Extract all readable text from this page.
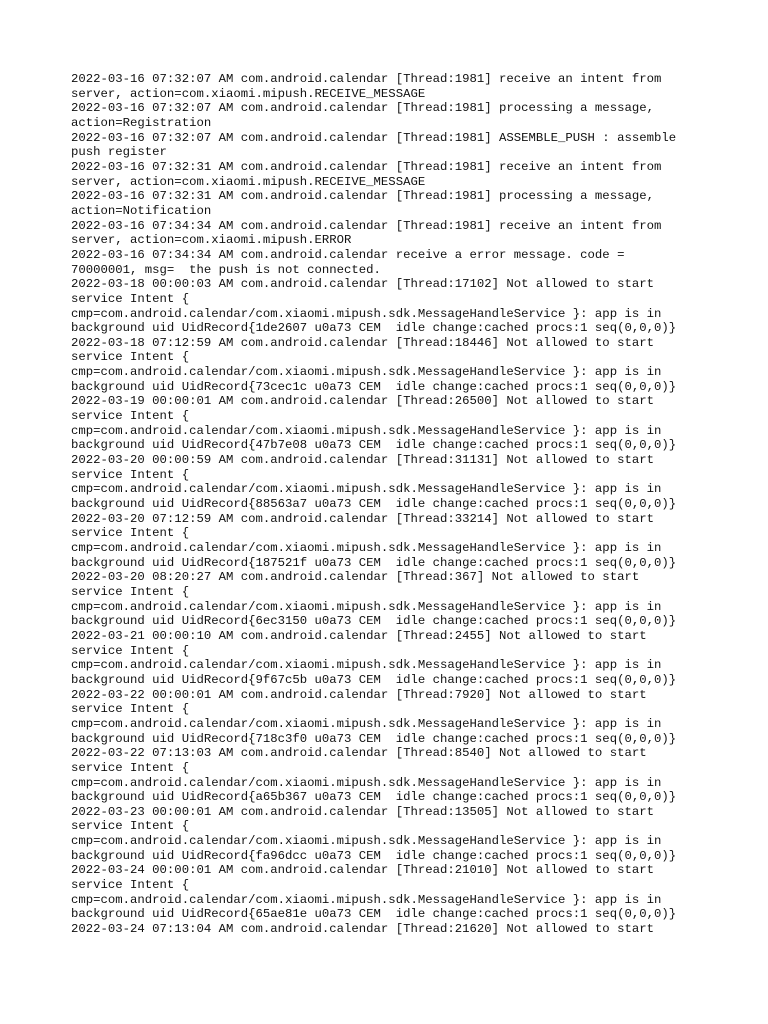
2022-03-16 07:32:07 AM com.android.calendar [Thread:1981] receive an intent from
server, action=com.xiaomi.mipush.RECEIVE_MESSAGE
2022-03-16 07:32:07 AM com.android.calendar [Thread:1981] processing a message,
action=Registration
2022-03-16 07:32:07 AM com.android.calendar [Thread:1981] ASSEMBLE_PUSH : assemble
push register
2022-03-16 07:32:31 AM com.android.calendar [Thread:1981] receive an intent from
server, action=com.xiaomi.mipush.RECEIVE_MESSAGE
2022-03-16 07:32:31 AM com.android.calendar [Thread:1981] processing a message,
action=Notification
2022-03-16 07:34:34 AM com.android.calendar [Thread:1981] receive an intent from
server, action=com.xiaomi.mipush.ERROR
2022-03-16 07:34:34 AM com.android.calendar receive a error message. code =
70000001, msg=  the push is not connected.
2022-03-18 00:00:03 AM com.android.calendar [Thread:17102] Not allowed to start
service Intent {
cmp=com.android.calendar/com.xiaomi.mipush.sdk.MessageHandleService }: app is in
background uid UidRecord{1de2607 u0a73 CEM  idle change:cached procs:1 seq(0,0,0)}
2022-03-18 07:12:59 AM com.android.calendar [Thread:18446] Not allowed to start
service Intent {
cmp=com.android.calendar/com.xiaomi.mipush.sdk.MessageHandleService }: app is in
background uid UidRecord{73cec1c u0a73 CEM  idle change:cached procs:1 seq(0,0,0)}
2022-03-19 00:00:01 AM com.android.calendar [Thread:26500] Not allowed to start
service Intent {
cmp=com.android.calendar/com.xiaomi.mipush.sdk.MessageHandleService }: app is in
background uid UidRecord{47b7e08 u0a73 CEM  idle change:cached procs:1 seq(0,0,0)}
2022-03-20 00:00:59 AM com.android.calendar [Thread:31131] Not allowed to start
service Intent {
cmp=com.android.calendar/com.xiaomi.mipush.sdk.MessageHandleService }: app is in
background uid UidRecord{88563a7 u0a73 CEM  idle change:cached procs:1 seq(0,0,0)}
2022-03-20 07:12:59 AM com.android.calendar [Thread:33214] Not allowed to start
service Intent {
cmp=com.android.calendar/com.xiaomi.mipush.sdk.MessageHandleService }: app is in
background uid UidRecord{187521f u0a73 CEM  idle change:cached procs:1 seq(0,0,0)}
2022-03-20 08:20:27 AM com.android.calendar [Thread:367] Not allowed to start
service Intent {
cmp=com.android.calendar/com.xiaomi.mipush.sdk.MessageHandleService }: app is in
background uid UidRecord{6ec3150 u0a73 CEM  idle change:cached procs:1 seq(0,0,0)}
2022-03-21 00:00:10 AM com.android.calendar [Thread:2455] Not allowed to start
service Intent {
cmp=com.android.calendar/com.xiaomi.mipush.sdk.MessageHandleService }: app is in
background uid UidRecord{9f67c5b u0a73 CEM  idle change:cached procs:1 seq(0,0,0)}
2022-03-22 00:00:01 AM com.android.calendar [Thread:7920] Not allowed to start
service Intent {
cmp=com.android.calendar/com.xiaomi.mipush.sdk.MessageHandleService }: app is in
background uid UidRecord{718c3f0 u0a73 CEM  idle change:cached procs:1 seq(0,0,0)}
2022-03-22 07:13:03 AM com.android.calendar [Thread:8540] Not allowed to start
service Intent {
cmp=com.android.calendar/com.xiaomi.mipush.sdk.MessageHandleService }: app is in
background uid UidRecord{a65b367 u0a73 CEM  idle change:cached procs:1 seq(0,0,0)}
2022-03-23 00:00:01 AM com.android.calendar [Thread:13505] Not allowed to start
service Intent {
cmp=com.android.calendar/com.xiaomi.mipush.sdk.MessageHandleService }: app is in
background uid UidRecord{fa96dcc u0a73 CEM  idle change:cached procs:1 seq(0,0,0)}
2022-03-24 00:00:01 AM com.android.calendar [Thread:21010] Not allowed to start
service Intent {
cmp=com.android.calendar/com.xiaomi.mipush.sdk.MessageHandleService }: app is in
background uid UidRecord{65ae81e u0a73 CEM  idle change:cached procs:1 seq(0,0,0)}
2022-03-24 07:13:04 AM com.android.calendar [Thread:21620] Not allowed to start
